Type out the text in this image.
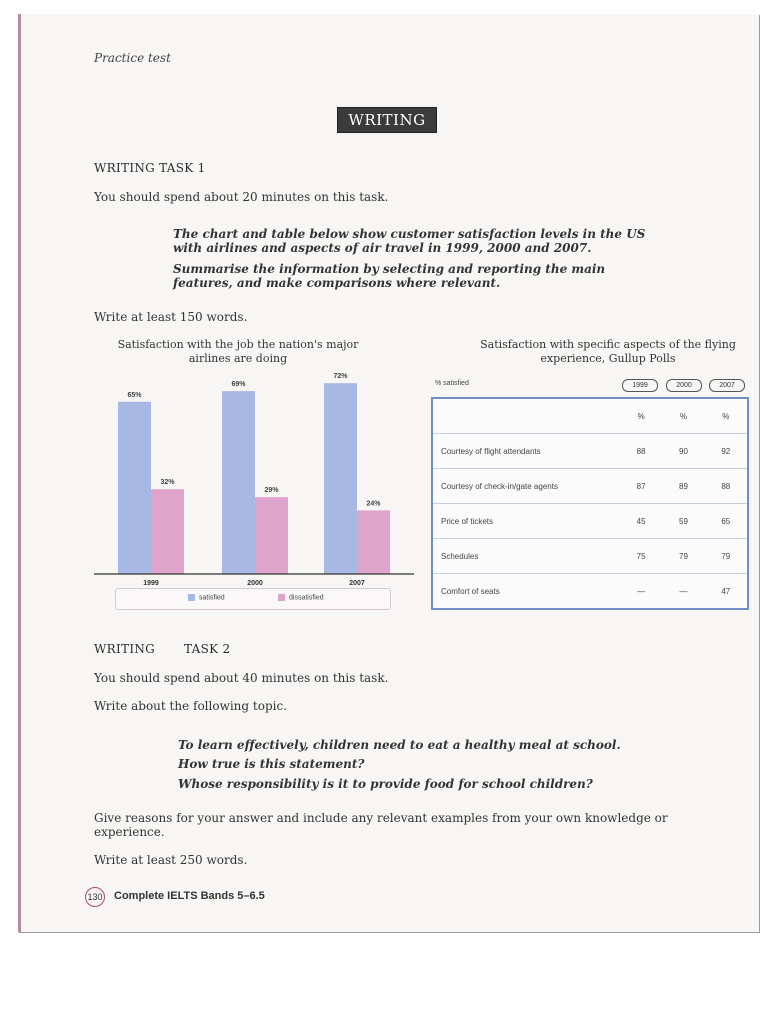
Practice test
WRITING
WRITING TASK 1
You should spend about 20 minutes on this task.
The chart and table below show customer satisfaction levels in the US
with airlines and aspects of air travel in 1999, 2000 and 2007.
Summarise the information by selecting and reporting the main
features, and make comparisons where relevant.
Write at least 150 words.
Satisfaction with the job the nation's major
airlines are doing
65%
32%
1999
69%
29%
2000
72%
24%
2007
satisfied	dissatisfied
Satisfaction with specific aspects of the flying
experience, Gullup Polls
% satisfied	1999	2000	2007
	%	%	%
Courtesy of flight attendants	88	90	92
Courtesy of check-in/gate agents	87	89	88
Price of tickets	45	59	65
Schedules	75	79	79
Comfort of seats	—	—	47
WRITING TASK 2
You should spend about 40 minutes on this task.
Write about the following topic.
To learn effectively, children need to eat a healthy meal at school.
How true is this statement?
Whose responsibility is it to provide food for school children?
Give reasons for your answer and include any relevant examples from your own knowledge or
experience.
Write at least 250 words.
130 Complete IELTS Bands 5–6.5
